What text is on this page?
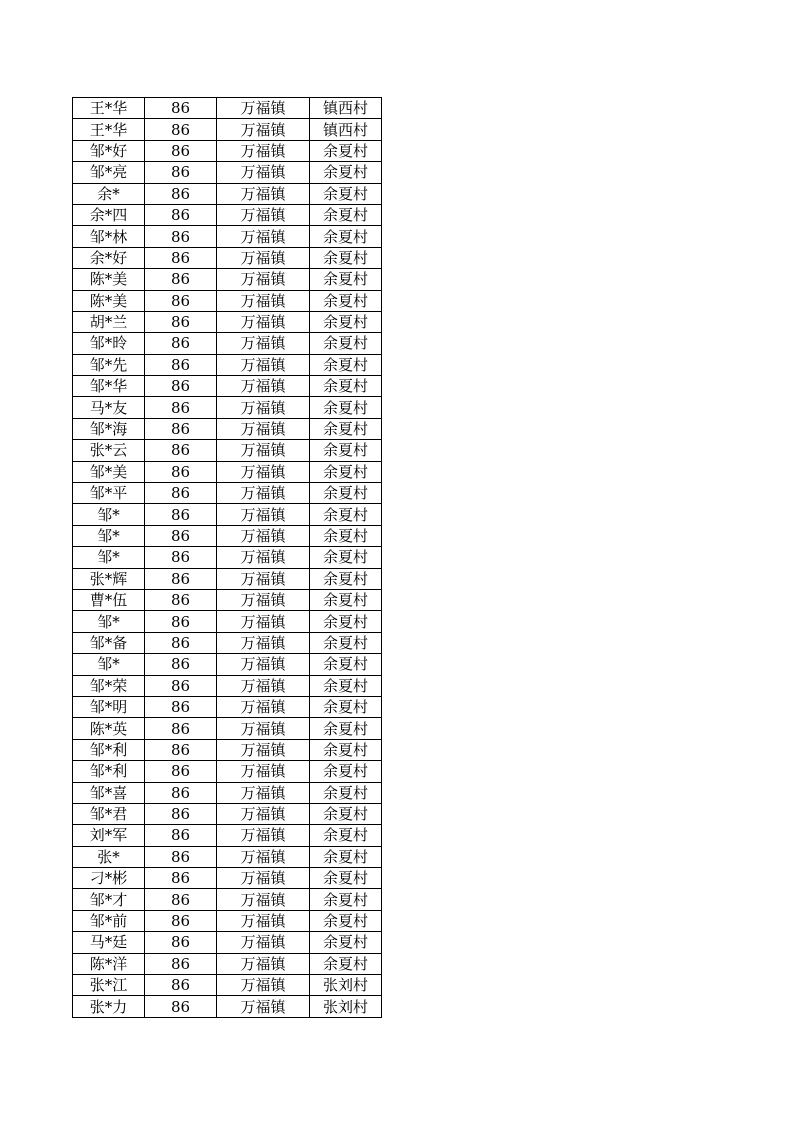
王*华	86	万福镇	镇西村
王*华	86	万福镇	镇西村
邹*好	86	万福镇	余夏村
邹*亮	86	万福镇	余夏村
余*	86	万福镇	余夏村
余*四	86	万福镇	余夏村
邹*林	86	万福镇	余夏村
余*好	86	万福镇	余夏村
陈*美	86	万福镇	余夏村
陈*美	86	万福镇	余夏村
胡*兰	86	万福镇	余夏村
邹*昤	86	万福镇	余夏村
邹*先	86	万福镇	余夏村
邹*华	86	万福镇	余夏村
马*友	86	万福镇	余夏村
邹*海	86	万福镇	余夏村
张*云	86	万福镇	余夏村
邹*美	86	万福镇	余夏村
邹*平	86	万福镇	余夏村
邹*	86	万福镇	余夏村
邹*	86	万福镇	余夏村
邹*	86	万福镇	余夏村
张*辉	86	万福镇	余夏村
曹*伍	86	万福镇	余夏村
邹*	86	万福镇	余夏村
邹*备	86	万福镇	余夏村
邹*	86	万福镇	余夏村
邹*荣	86	万福镇	余夏村
邹*明	86	万福镇	余夏村
陈*英	86	万福镇	余夏村
邹*利	86	万福镇	余夏村
邹*利	86	万福镇	余夏村
邹*喜	86	万福镇	余夏村
邹*君	86	万福镇	余夏村
刘*军	86	万福镇	余夏村
张*	86	万福镇	余夏村
刁*彬	86	万福镇	余夏村
邹*才	86	万福镇	余夏村
邹*前	86	万福镇	余夏村
马*廷	86	万福镇	余夏村
陈*洋	86	万福镇	余夏村
张*江	86	万福镇	张刘村
张*力	86	万福镇	张刘村
